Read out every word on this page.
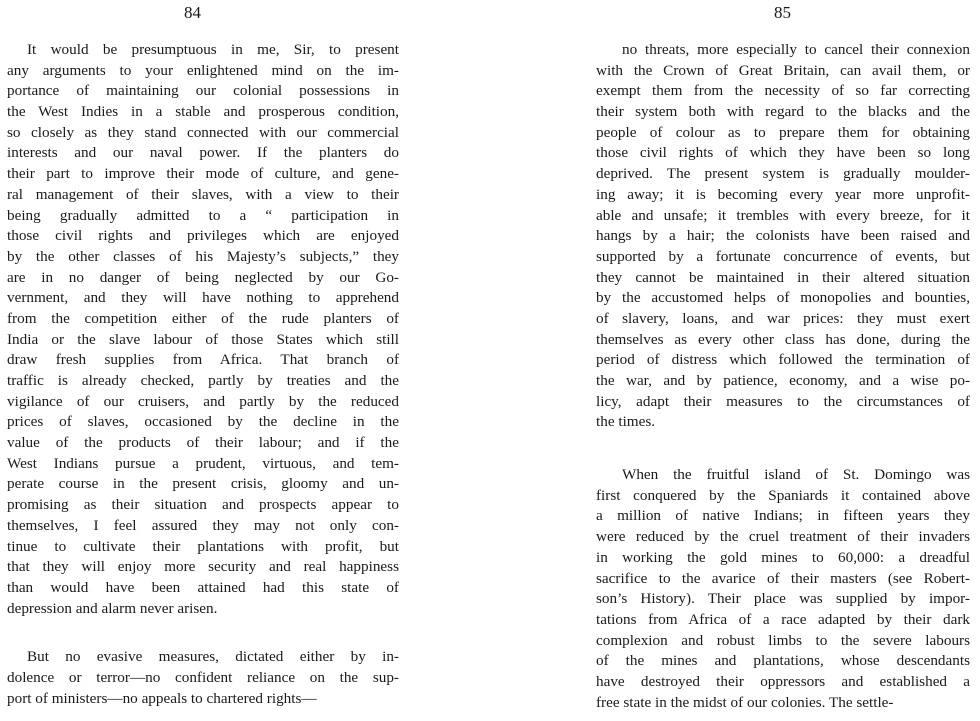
84	85
It would be presumptuous in me, Sir, to present
any arguments to your enlightened mind on the im-
portance of maintaining our colonial possessions in
the West Indies in a stable and prosperous condition,
so closely as they stand connected with our commercial
interests and our naval power. If the planters do
their part to improve their mode of culture, and gene-
ral management of their slaves, with a view to their
being gradually admitted to a “ participation in
those civil rights and privileges which are enjoyed
by the other classes of his Majesty’s subjects,” they
are in no danger of being neglected by our Go-
vernment, and they will have nothing to apprehend
from the competition either of the rude planters of
India or the slave labour of those States which still
draw fresh supplies from Africa. That branch of
traffic is already checked, partly by treaties and the
vigilance of our cruisers, and partly by the reduced
prices of slaves, occasioned by the decline in the
value of the products of their labour; and if the
West Indians pursue a prudent, virtuous, and tem-
perate course in the present crisis, gloomy and un-
promising as their situation and prospects appear to
themselves, I feel assured they may not only con-
tinue to cultivate their plantations with profit, but
that they will enjoy more security and real happiness
than would have been attained had this state of
depression and alarm never arisen.
But no evasive measures, dictated either by in-
dolence or terror—no confident reliance on the sup-
port of ministers—no appeals to chartered rights—
no threats, more especially to cancel their connexion
with the Crown of Great Britain, can avail them, or
exempt them from the necessity of so far correcting
their system both with regard to the blacks and the
people of colour as to prepare them for obtaining
those civil rights of which they have been so long
deprived. The present system is gradually moulder-
ing away; it is becoming every year more unprofit-
able and unsafe; it trembles with every breeze, for it
hangs by a hair; the colonists have been raised and
supported by a fortunate concurrence of events, but
they cannot be maintained in their altered situation
by the accustomed helps of monopolies and bounties,
of slavery, loans, and war prices: they must exert
themselves as every other class has done, during the
period of distress which followed the termination of
the war, and by patience, economy, and a wise po-
licy, adapt their measures to the circumstances of
the times.
When the fruitful island of St. Domingo was
first conquered by the Spaniards it contained above
a million of native Indians; in fifteen years they
were reduced by the cruel treatment of their invaders
in working the gold mines to 60,000: a dreadful
sacrifice to the avarice of their masters (see Robert-
son’s History). Their place was supplied by impor-
tations from Africa of a race adapted by their dark
complexion and robust limbs to the severe labours
of the mines and plantations, whose descendants
have destroyed their oppressors and established a
free state in the midst of our colonies. The settle-
